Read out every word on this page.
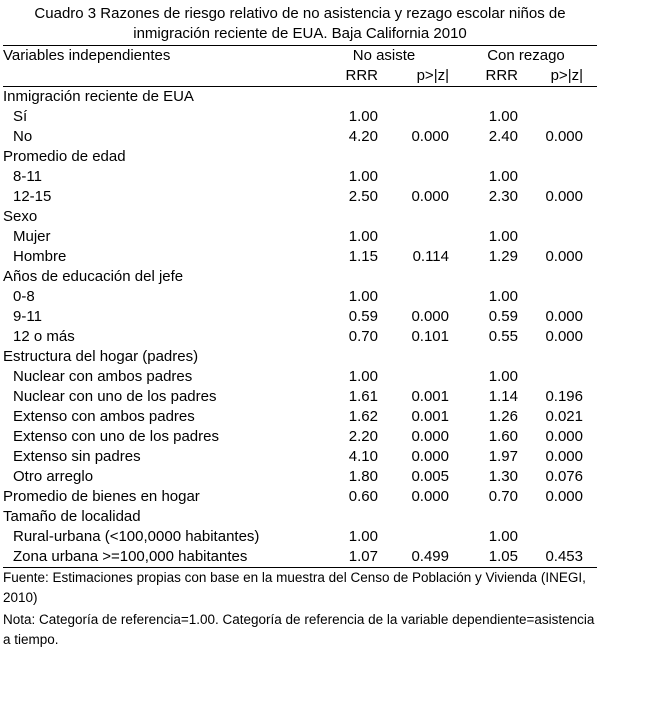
Cuadro 3 Razones de riesgo relativo de no asistencia y rezago escolar niños de
inmigración reciente de EUA. Baja California 2010
Variables independientes	No asiste		Con rezago	
	RRR	p>|z|	RRR	p>|z|
Inmigración reciente de EUA				
Sí	1.00		1.00	
No	4.20	0.000	2.40	0.000
Promedio de edad				
8-11	1.00		1.00	
12-15	2.50	0.000	2.30	0.000
Sexo				
Mujer	1.00		1.00	
Hombre	1.15	0.114	1.29	0.000
Años de educación del jefe				
0-8	1.00		1.00	
9-11	0.59	0.000	0.59	0.000
12 o más	0.70	0.101	0.55	0.000
Estructura del hogar (padres)				
Nuclear con ambos padres	1.00		1.00	
Nuclear con uno de los padres	1.61	0.001	1.14	0.196
Extenso con ambos padres	1.62	0.001	1.26	0.021
Extenso con uno de los padres	2.20	0.000	1.60	0.000
Extenso sin padres	4.10	0.000	1.97	0.000
Otro arreglo	1.80	0.005	1.30	0.076
Promedio de bienes en hogar	0.60	0.000	0.70	0.000
Tamaño de localidad				
Rural-urbana (<100,0000 habitantes)	1.00		1.00	
Zona urbana >=100,000 habitantes	1.07	0.499	1.05	0.453

Fuente: Estimaciones propias con base en la muestra del Censo de Población y Vivienda (INEGI, 2010)

Nota: Categoría de referencia=1.00. Categoría de referencia de la variable dependiente=asistencia a tiempo.
